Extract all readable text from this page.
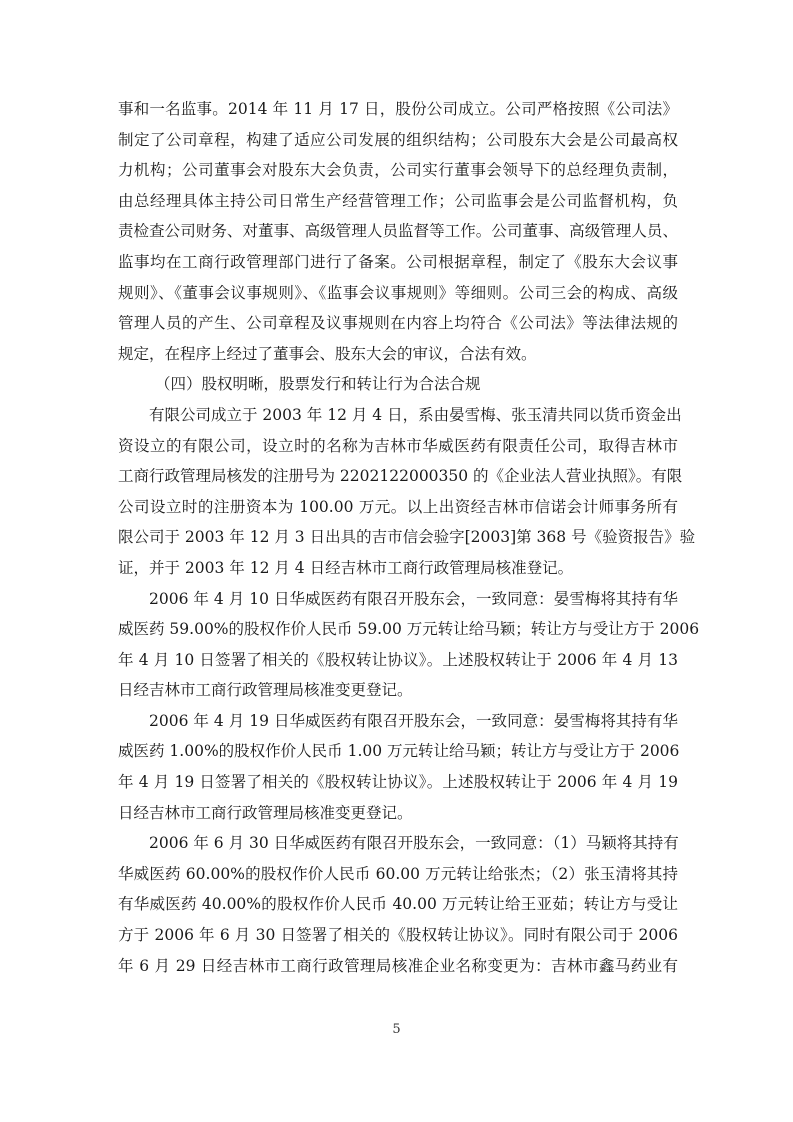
事和一名监事。2014 年 11 月 17 日，股份公司成立。公司严格按照《公司法》
制定了公司章程，构建了适应公司发展的组织结构；公司股东大会是公司最高权
力机构；公司董事会对股东大会负责，公司实行董事会领导下的总经理负责制，
由总经理具体主持公司日常生产经营管理工作；公司监事会是公司监督机构，负
责检查公司财务、对董事、高级管理人员监督等工作。公司董事、高级管理人员、
监事均在工商行政管理部门进行了备案。公司根据章程，制定了《股东大会议事
规则》、《董事会议事规则》、《监事会议事规则》等细则。公司三会的构成、高级
管理人员的产生、公司章程及议事规则在内容上均符合《公司法》等法律法规的
规定，在程序上经过了董事会、股东大会的审议，合法有效。
（四）股权明晰，股票发行和转让行为合法合规
有限公司成立于 2003 年 12 月 4 日，系由晏雪梅、张玉清共同以货币资金出
资设立的有限公司，设立时的名称为吉林市华威医药有限责任公司，取得吉林市
工商行政管理局核发的注册号为 2202122000350 的《企业法人营业执照》。有限
公司设立时的注册资本为 100.00 万元。以上出资经吉林市信诺会计师事务所有
限公司于 2003 年 12 月 3 日出具的吉市信会验字[2003]第 368 号《验资报告》验
证，并于 2003 年 12 月 4 日经吉林市工商行政管理局核准登记。
2006 年 4 月 10 日华威医药有限召开股东会，一致同意：晏雪梅将其持有华
威医药 59.00%的股权作价人民币 59.00 万元转让给马颖；转让方与受让方于 2006
年 4 月 10 日签署了相关的《股权转让协议》。上述股权转让于 2006 年 4 月 13
日经吉林市工商行政管理局核准变更登记。
2006 年 4 月 19 日华威医药有限召开股东会，一致同意：晏雪梅将其持有华
威医药 1.00%的股权作价人民币 1.00 万元转让给马颖；转让方与受让方于 2006
年 4 月 19 日签署了相关的《股权转让协议》。上述股权转让于 2006 年 4 月 19
日经吉林市工商行政管理局核准变更登记。
2006 年 6 月 30 日华威医药有限召开股东会，一致同意：（1）马颖将其持有
华威医药 60.00%的股权作价人民币 60.00 万元转让给张杰；（2）张玉清将其持
有华威医药 40.00%的股权作价人民币 40.00 万元转让给王亚茹；转让方与受让
方于 2006 年 6 月 30 日签署了相关的《股权转让协议》。同时有限公司于 2006
年 6 月 29 日经吉林市工商行政管理局核准企业名称变更为：吉林市鑫马药业有
5
